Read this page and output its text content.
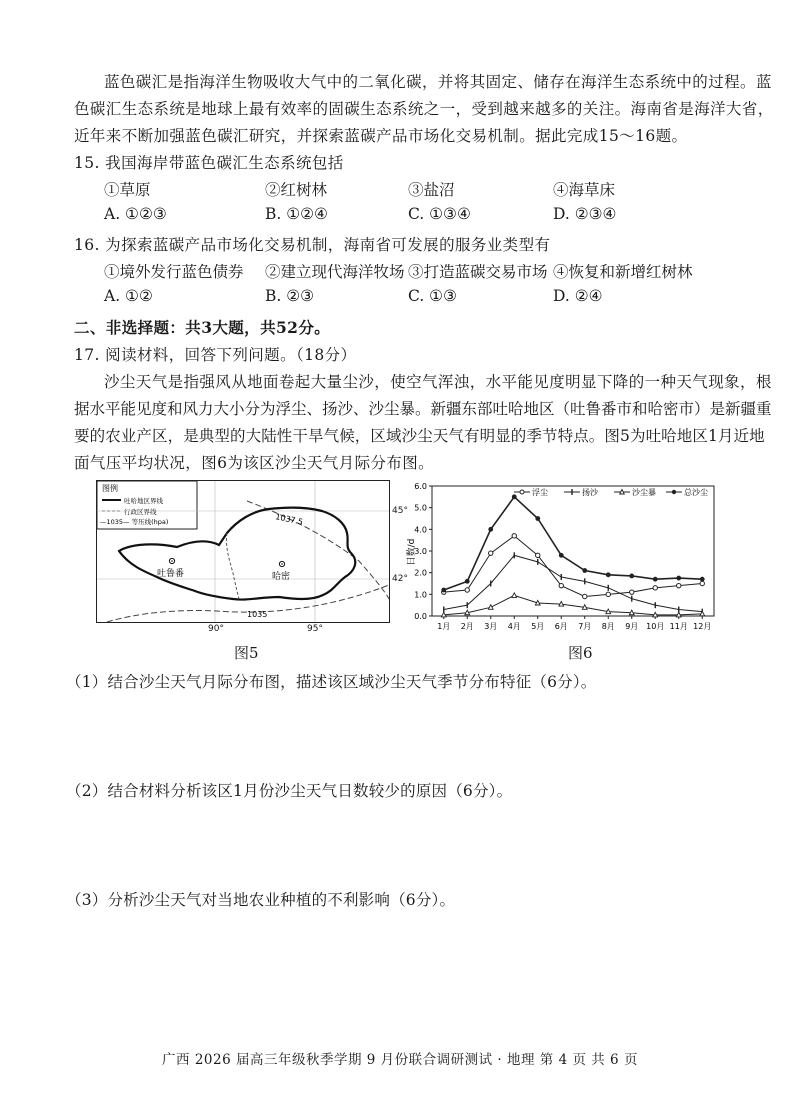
蓝色碳汇是指海洋生物吸收大气中的二氧化碳，并将其固定、储存在海洋生态系统中的过程。蓝
色碳汇生态系统是地球上最有效率的固碳生态系统之一，受到越来越多的关注。海南省是海洋大省，
近年来不断加强蓝色碳汇研究，并探索蓝碳产品市场化交易机制。据此完成15～16题。
15. 我国海岸带蓝色碳汇生态系统包括
①草原	②红树林	③盐沼	④海草床
A. ①②③	B. ①②④	C. ①③④	D. ②③④
16. 为探索蓝碳产品市场化交易机制，海南省可发展的服务业类型有
①境外发行蓝色债券 ②建立现代海洋牧场 ③打造蓝碳交易市场 ④恢复和新增红树林
A. ①②	B. ②③	C. ①③	D. ②④
二、非选择题：共3大题，共52分。
17. 阅读材料，回答下列问题。（18分）
沙尘天气是指强风从地面卷起大量尘沙，使空气浑浊，水平能见度明显下降的一种天气现象，根
据水平能见度和风力大小分为浮尘、扬沙、沙尘暴。新疆东部吐哈地区（吐鲁番市和哈密市）是新疆重
要的农业产区，是典型的大陆性干旱气候，区域沙尘天气有明显的季节特点。图5为吐哈地区1月近地
面气压平均状况，图6为该区沙尘天气月际分布图。
图例
吐哈地区界线
行政区界线
—1035— 等压线(hpa)
吐鲁番	哈密
1037.5
1035
45°
42°
90°	95°
图5
0.0
1.0
2.0
3.0
4.0
5.0
6.0
1月 2月 3月 4月 5月 6月 7月 8月 9月 10月 11月 12月
浮尘	扬沙	沙尘暴	总沙尘
日数/d
图6
（1）结合沙尘天气月际分布图，描述该区域沙尘天气季节分布特征（6分）。
（2）结合材料分析该区1月份沙尘天气日数较少的原因（6分）。
（3）分析沙尘天气对当地农业种植的不利影响（6分）。
广西 2026 届高三年级秋季学期 9 月份联合调研测试 · 地理 第 4 页 共 6 页
